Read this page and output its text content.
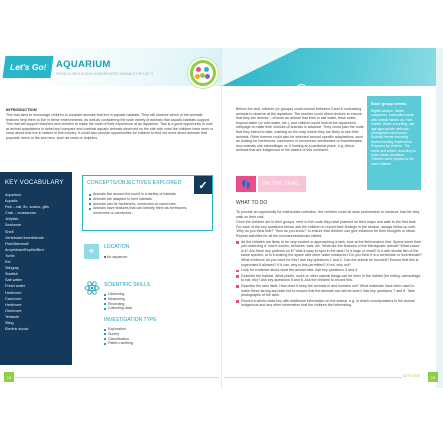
Let's Go! AQUARIUM
FROM CURIOUS AND UNDERWATER ANIMALS PROJECT
INTRODUCTION
This trail aims to encourage children to consider animals that live in aquatic habitats. They will observe which of the animals' features help them to live in these environments, as well as considering the wide variety of animals that aquatic habitats support. This trail will support teachers and children to make the most of their experience at an aquarium. This is a good opportunity to look at animal adaptations in detail and compare and contrast aquatic animals observed on the site with ones the children have seen or know about that live in waters in this country. It could also provide opportunities for children to find out more about animals that populate rivers or the sea here, such as seals or dolphins.
KEY VOCABULARY
Aquarium
Aquatic
Fish – tail, fin, scales, gills
Crab – crustacean
Jellyfish
Seahorse
Shell
Vertebrate/Invertebrate
Fish/Mammal/ Amphibian/Reptile/Bird
Turtle
Eel
Stingray
Starfish
Salt water
Fresh water
Herbivore
Carnivore
Herbivore
Omnivore
Tentacle
Sting
Electric shock
CONCEPTS/OBJECTIVES EXPLORED
Animals live around the world in a variety of habitats.
Animals are adapted to their habitats.
Animals can be herbivores, omnivores or carnivores.
Animals have features that can identify them as herbivores, omnivores or carnivores.
✓
⌖	LOCATION
■ An aquarium
SCIENTIFIC SKILLS
Observing
Measuring
Recording
Collecting data
INVESTIGATION TYPE
Exploration
Survey
Classification
Pattern seeking
RESOURCES AND PREPARATION
Before the visit, children (or groups) could choose between 3 and 6 contrasting animals to observe at the aquarium. The teacher could direct choices to ensure that they are diverse – choose an animal that lives in salt water, fresh water, tropical water (or cold water, etc.), and children could look at the aquarium's webpage to make their choices of animals in advance. They could plan the route that they intend to take, marking on the map where they are likely to see their animals. Other themes could also be selected around specific adaptations, such as looking for herbivores, carnivores or omnivores; vertebrates or invertebrates; how animals use camouflage; or, if looking at a particular place, e.g. Africa, animals that are indigenous to the waters of this continent.
Each group needs:
Digital camera. Tablet computers. Laminated cards with animal names on. Fact sheets. Water-recording, use age appropriate methods - photographs and sound. Suitably verbal recording devices/writing implements. Prepared by children. The same and written recording to order house problems. Children must prepare to the ones children.
👣	ON THE TRAIL
WHAT TO DO
To provide an opportunity for maths/data collection, the children could all wear pedometers to measure how far they walk on their visit.
Once the children are in their groups, refer to the route they have planned on their maps and walk to the first tank. For each of the key questions below, ask the children to record their findings in the section, always follow up with, 'Why do you think that?' 'How do you know?' to ensure that children can give evidence for their thoughts or ideas. Repeat activities for all the enclosures/animals visited.
As the children are likely to be very excited or approaching a tank, look at the fish/creature first. Spend some time just observing it: how it moves, behaves, eats, etc. What are the features of the fish/aquatic animal? What colour is it? Are there any patterns on it? Was it easy to spot in the tank? Is it large or small? Is it with similar fish of the same species, or is it sharing the space with other water creatures? Do you think it is a vertebrate or invertebrate? What evidence do you have for this? Ask key questions 1 and 2. Can the animal be touched? Ensure that this is supervised if allowed? If it can, why is this permitted? If not, why not?
Look for evidence about what the animal eats. Ask key questions 3 and 4.
Describe the habitat. What plants, rocks or other natural things can be seen in the habitat (for hiding, camouflage, to eat, etc)? Ask key questions 5 and 6. Ask the children to record this.
Describe the tank itself. How does it keep the animals in and humans out? What materials have been used to make these strong and safe but to ensure that the animals can still be seen? Ask key questions 7 and 8. Take photographs of the tank.
Record a whole-class key with additional information on the animal, e.g. in which country/waters is the animal indigenous and any other information that the children find interesting.
14	LET'S GO!	15
